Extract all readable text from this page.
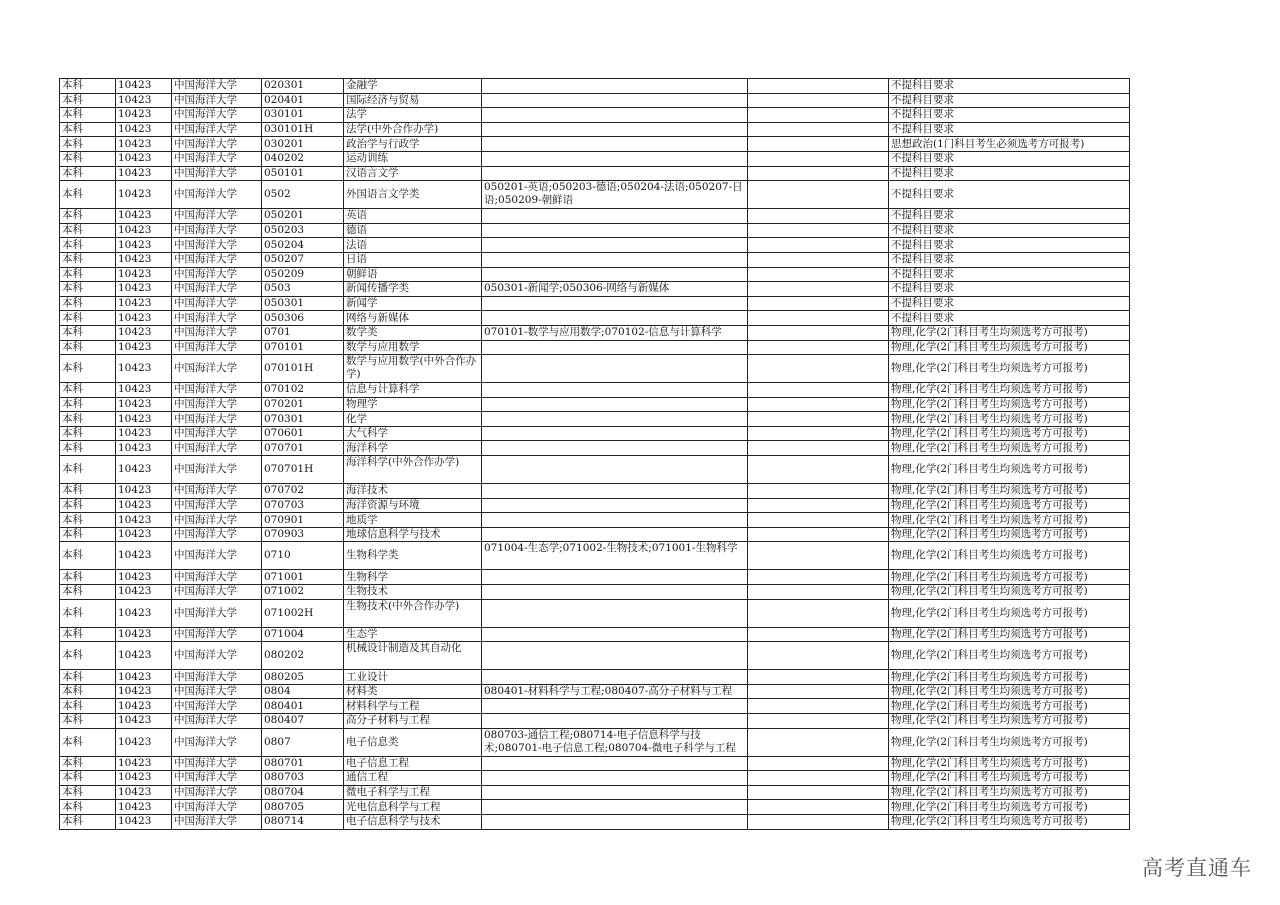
本科	10423	中国海洋大学	020301	金融学			不提科目要求
本科	10423	中国海洋大学	020401	国际经济与贸易			不提科目要求
本科	10423	中国海洋大学	030101	法学			不提科目要求
本科	10423	中国海洋大学	030101H	法学(中外合作办学)			不提科目要求
本科	10423	中国海洋大学	030201	政治学与行政学			思想政治(1门科目考生必须选考方可报考)
本科	10423	中国海洋大学	040202	运动训练			不提科目要求
本科	10423	中国海洋大学	050101	汉语言文学			不提科目要求
本科	10423	中国海洋大学	0502	外国语言文学类	050201-英语;050203-德语;050204-法语;050207-日语;050209-朝鲜语		不提科目要求
本科	10423	中国海洋大学	050201	英语			不提科目要求
本科	10423	中国海洋大学	050203	德语			不提科目要求
本科	10423	中国海洋大学	050204	法语			不提科目要求
本科	10423	中国海洋大学	050207	日语			不提科目要求
本科	10423	中国海洋大学	050209	朝鲜语			不提科目要求
本科	10423	中国海洋大学	0503	新闻传播学类	050301-新闻学;050306-网络与新媒体		不提科目要求
本科	10423	中国海洋大学	050301	新闻学			不提科目要求
本科	10423	中国海洋大学	050306	网络与新媒体			不提科目要求
本科	10423	中国海洋大学	0701	数学类	070101-数学与应用数学;070102-信息与计算科学		物理,化学(2门科目考生均须选考方可报考)
本科	10423	中国海洋大学	070101	数学与应用数学			物理,化学(2门科目考生均须选考方可报考)
本科	10423	中国海洋大学	070101H	数学与应用数学(中外合作办学)			物理,化学(2门科目考生均须选考方可报考)
本科	10423	中国海洋大学	070102	信息与计算科学			物理,化学(2门科目考生均须选考方可报考)
本科	10423	中国海洋大学	070201	物理学			物理,化学(2门科目考生均须选考方可报考)
本科	10423	中国海洋大学	070301	化学			物理,化学(2门科目考生均须选考方可报考)
本科	10423	中国海洋大学	070601	大气科学			物理,化学(2门科目考生均须选考方可报考)
本科	10423	中国海洋大学	070701	海洋科学			物理,化学(2门科目考生均须选考方可报考)
本科	10423	中国海洋大学	070701H	海洋科学(中外合作办学)			物理,化学(2门科目考生均须选考方可报考)
本科	10423	中国海洋大学	070702	海洋技术			物理,化学(2门科目考生均须选考方可报考)
本科	10423	中国海洋大学	070703	海洋资源与环境			物理,化学(2门科目考生均须选考方可报考)
本科	10423	中国海洋大学	070901	地质学			物理,化学(2门科目考生均须选考方可报考)
本科	10423	中国海洋大学	070903	地球信息科学与技术			物理,化学(2门科目考生均须选考方可报考)
本科	10423	中国海洋大学	0710	生物科学类	071004-生态学;071002-生物技术;071001-生物科学		物理,化学(2门科目考生均须选考方可报考)
本科	10423	中国海洋大学	071001	生物科学			物理,化学(2门科目考生均须选考方可报考)
本科	10423	中国海洋大学	071002	生物技术			物理,化学(2门科目考生均须选考方可报考)
本科	10423	中国海洋大学	071002H	生物技术(中外合作办学)			物理,化学(2门科目考生均须选考方可报考)
本科	10423	中国海洋大学	071004	生态学			物理,化学(2门科目考生均须选考方可报考)
本科	10423	中国海洋大学	080202	机械设计制造及其自动化			物理,化学(2门科目考生均须选考方可报考)
本科	10423	中国海洋大学	080205	工业设计			物理,化学(2门科目考生均须选考方可报考)
本科	10423	中国海洋大学	0804	材料类	080401-材料科学与工程;080407-高分子材料与工程		物理,化学(2门科目考生均须选考方可报考)
本科	10423	中国海洋大学	080401	材料科学与工程			物理,化学(2门科目考生均须选考方可报考)
本科	10423	中国海洋大学	080407	高分子材料与工程			物理,化学(2门科目考生均须选考方可报考)
本科	10423	中国海洋大学	0807	电子信息类	080703-通信工程;080714-电子信息科学与技术;080701-电子信息工程;080704-微电子科学与工程		物理,化学(2门科目考生均须选考方可报考)
本科	10423	中国海洋大学	080701	电子信息工程			物理,化学(2门科目考生均须选考方可报考)
本科	10423	中国海洋大学	080703	通信工程			物理,化学(2门科目考生均须选考方可报考)
本科	10423	中国海洋大学	080704	微电子科学与工程			物理,化学(2门科目考生均须选考方可报考)
本科	10423	中国海洋大学	080705	光电信息科学与工程			物理,化学(2门科目考生均须选考方可报考)
本科	10423	中国海洋大学	080714	电子信息科学与技术			物理,化学(2门科目考生均须选考方可报考)
高考直通车
